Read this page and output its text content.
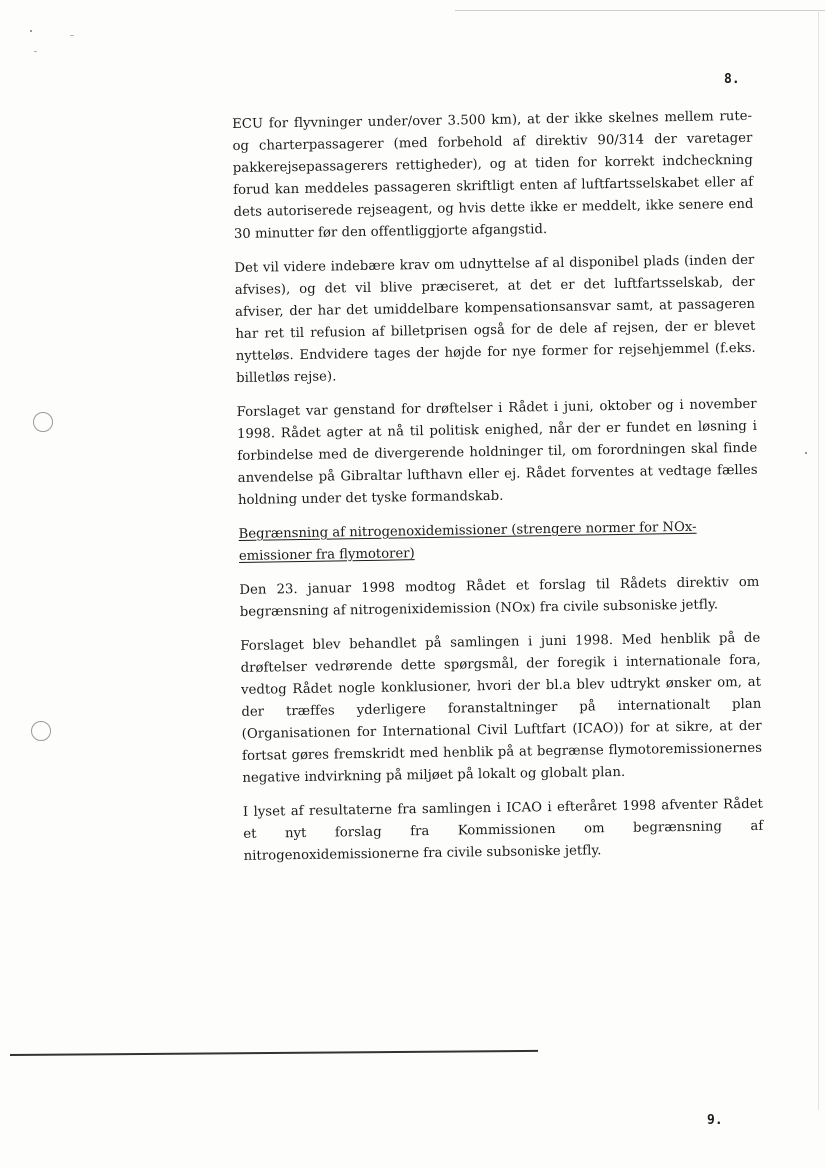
8.

ECU for flyvninger under/over 3.500 km), at der ikke skelnes mellem rute- og charterpassagerer (med forbehold af direktiv 90/314 der varetager pakkerejsepassagerers rettigheder), og at tiden for korrekt indcheckning forud kan meddeles passageren skriftligt enten af luftfartsselskabet eller af dets autoriserede rejseagent, og hvis dette ikke er meddelt, ikke senere end 30 minutter før den offentliggjorte afgangstid.

Det vil videre indebære krav om udnyttelse af al disponibel plads (inden der afvises), og det vil blive præciseret, at det er det luftfartsselskab, der afviser, der har det umiddelbare kompensationsansvar samt, at passageren har ret til refusion af billetprisen også for de dele af rejsen, der er blevet nytteløs. Endvidere tages der højde for nye former for rejsehjemmel (f.eks. billetløs rejse).

Forslaget var genstand for drøftelser i Rådet i juni, oktober og i november 1998. Rådet agter at nå til politisk enighed, når der er fundet en løsning i forbindelse med de divergerende holdninger til, om forordningen skal finde anvendelse på Gibraltar lufthavn eller ej. Rådet forventes at vedtage fælles holdning under det tyske formandskab.

Begrænsning af nitrogenoxidemissioner (strengere normer for NOx-emissioner fra flymotorer)

Den 23. januar 1998 modtog Rådet et forslag til Rådets direktiv om begrænsning af nitrogenixidemission (NOx) fra civile subsoniske jetfly.

Forslaget blev behandlet på samlingen i juni 1998. Med henblik på de drøftelser vedrørende dette spørgsmål, der foregik i internationale fora, vedtog Rådet nogle konklusioner, hvori der bl.a blev udtrykt ønsker om, at der træffes yderligere foranstaltninger på internationalt plan (Organisationen for International Civil Luftfart (ICAO)) for at sikre, at der fortsat gøres fremskridt med henblik på at begrænse flymotoremissionernes negative indvirkning på miljøet på lokalt og globalt plan.

I lyset af resultaterne fra samlingen i ICAO i efteråret 1998 afventer Rådet et nyt forslag fra Kommissionen om begrænsning af nitrogenoxidemissionerne fra civile subsoniske jetfly.

9.
